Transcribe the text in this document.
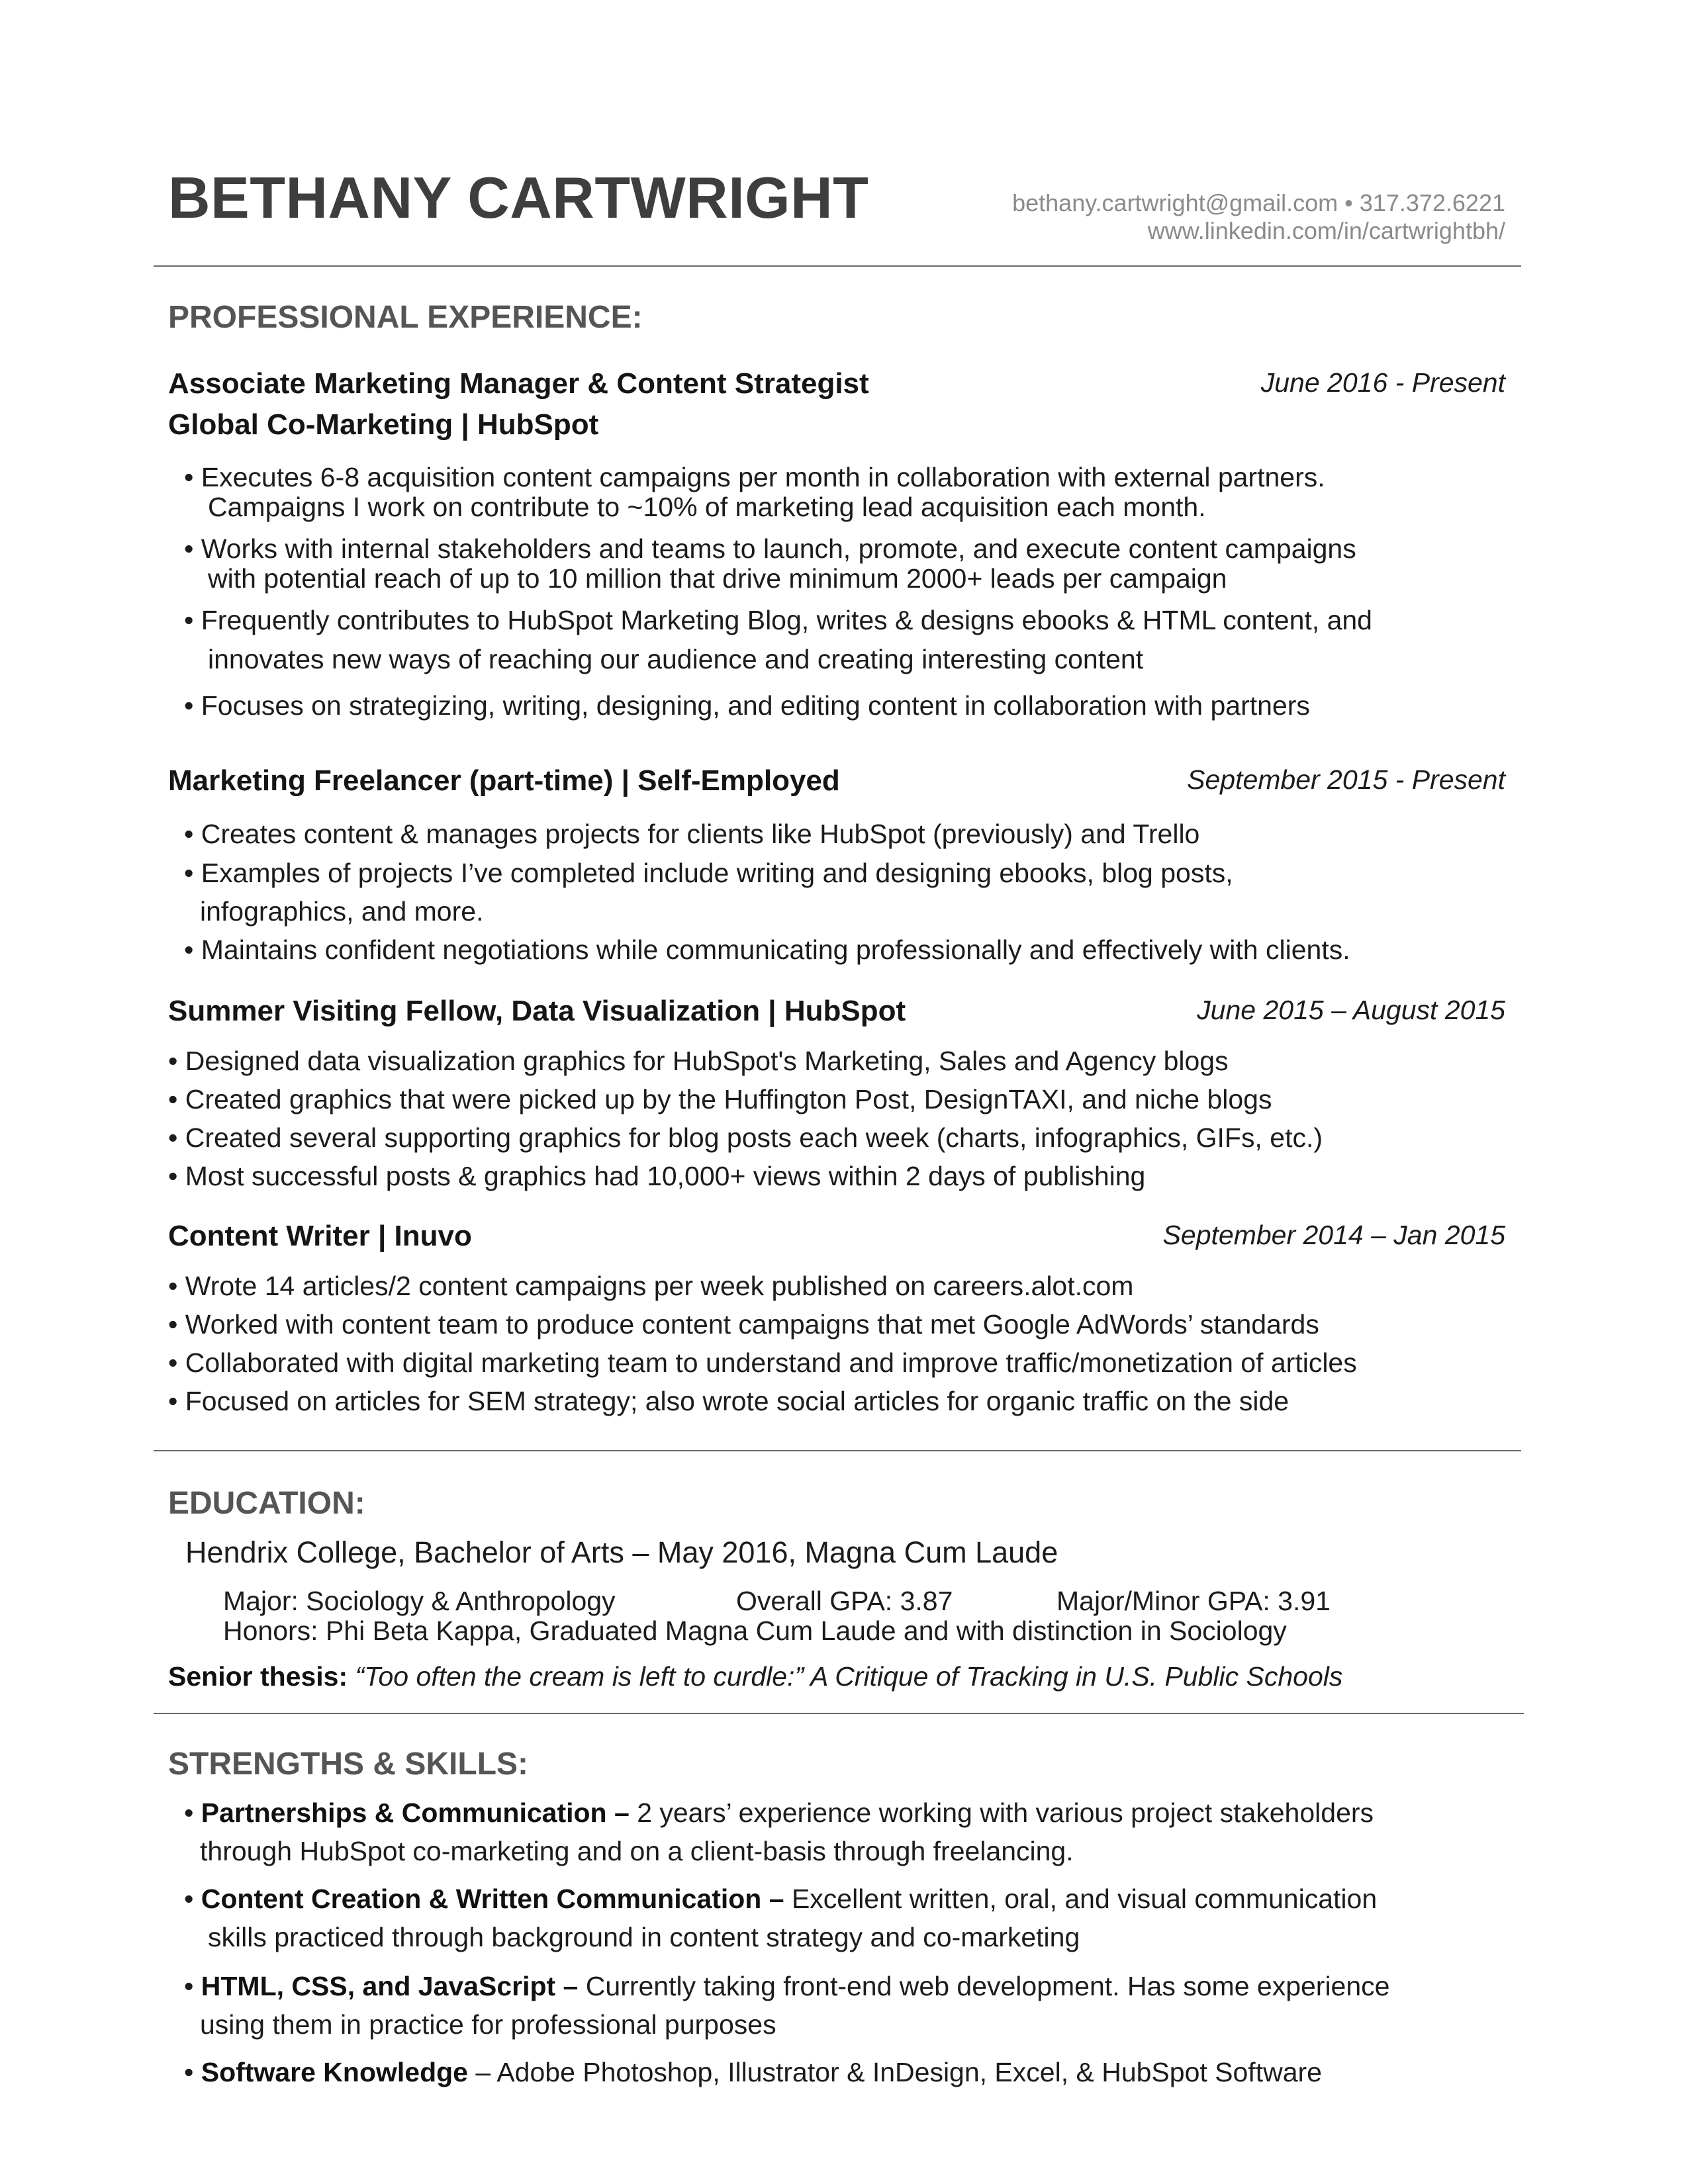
BETHANY CARTWRIGHT	bethany.cartwright@gmail.com • 317.372.6221
www.linkedin.com/in/cartwrightbh/
PROFESSIONAL EXPERIENCE:
Associate Marketing Manager & Content Strategist	June 2016 - Present
Global Co-Marketing | HubSpot
• Executes 6-8 acquisition content campaigns per month in collaboration with external partners.
Campaigns I work on contribute to ~10% of marketing lead acquisition each month.
• Works with internal stakeholders and teams to launch, promote, and execute content campaigns
with potential reach of up to 10 million that drive minimum 2000+ leads per campaign
• Frequently contributes to HubSpot Marketing Blog, writes & designs ebooks & HTML content, and
innovates new ways of reaching our audience and creating interesting content
• Focuses on strategizing, writing, designing, and editing content in collaboration with partners
Marketing Freelancer (part-time) | Self-Employed	September 2015 - Present
• Creates content & manages projects for clients like HubSpot (previously) and Trello
• Examples of projects I’ve completed include writing and designing ebooks, blog posts,
infographics, and more.
• Maintains confident negotiations while communicating professionally and effectively with clients.
Summer Visiting Fellow, Data Visualization | HubSpot	June 2015 – August 2015
• Designed data visualization graphics for HubSpot's Marketing, Sales and Agency blogs
• Created graphics that were picked up by the Huffington Post, DesignTAXI, and niche blogs
• Created several supporting graphics for blog posts each week (charts, infographics, GIFs, etc.)
• Most successful posts & graphics had 10,000+ views within 2 days of publishing
Content Writer | Inuvo	September 2014 – Jan 2015
• Wrote 14 articles/2 content campaigns per week published on careers.alot.com
• Worked with content team to produce content campaigns that met Google AdWords’ standards
• Collaborated with digital marketing team to understand and improve traffic/monetization of articles
• Focused on articles for SEM strategy; also wrote social articles for organic traffic on the side
EDUCATION:
Hendrix College, Bachelor of Arts – May 2016, Magna Cum Laude
Major: Sociology & Anthropology	Overall GPA: 3.87	Major/Minor GPA: 3.91
Honors: Phi Beta Kappa, Graduated Magna Cum Laude and with distinction in Sociology
Senior thesis: “Too often the cream is left to curdle:” A Critique of Tracking in U.S. Public Schools
STRENGTHS & SKILLS:
• Partnerships & Communication – 2 years’ experience working with various project stakeholders
through HubSpot co-marketing and on a client-basis through freelancing.
• Content Creation & Written Communication – Excellent written, oral, and visual communication
skills practiced through background in content strategy and co-marketing
• HTML, CSS, and JavaScript – Currently taking front-end web development. Has some experience
using them in practice for professional purposes
• Software Knowledge – Adobe Photoshop, Illustrator & InDesign, Excel, & HubSpot Software
